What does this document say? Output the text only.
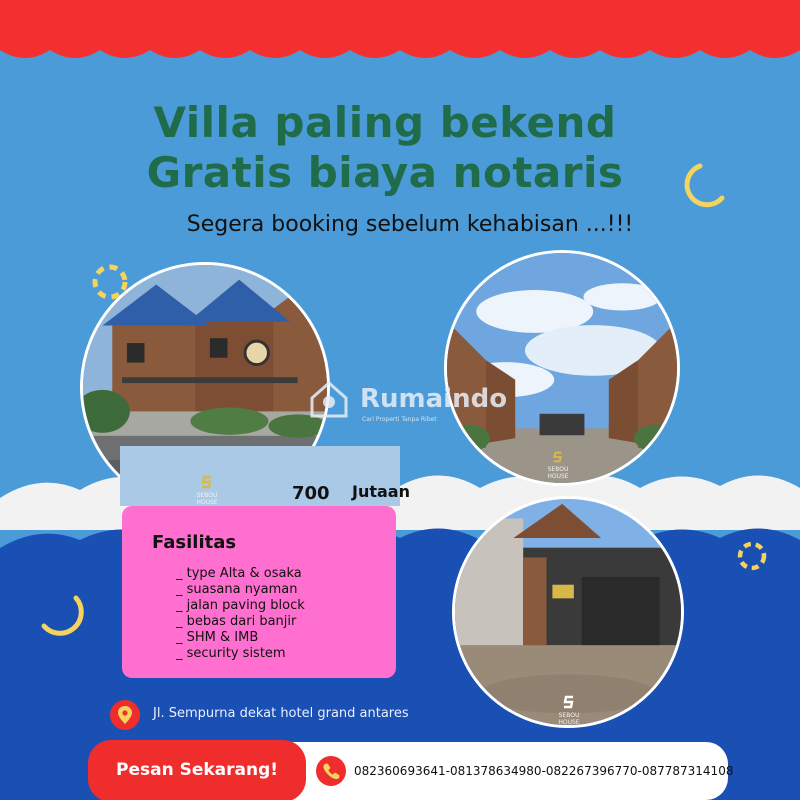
Villa paling bekend
Gratis biaya notaris
Segera booking sebelum kehabisan ...!!!
Rumaindo
Cari Properti Tanpa Ribet
700 Jutaan
SEBOU HOUSE
SEBOU HOUSE
Fasilitas
_ type Alta & osaka
_ suasana nyaman
_ jalan paving block
_ bebas dari banjir
_ SHM & IMB
_ security sistem
SEBOU HOUSE
Jl. Sempurna dekat hotel grand antares
Pesan Sekarang!	082360693641-081378634980-082267396770-087787314108
